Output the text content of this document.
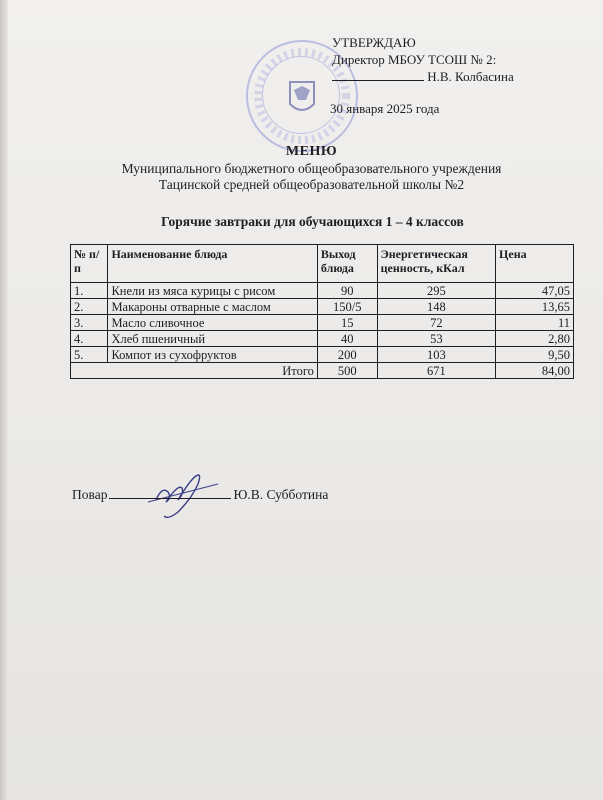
УТВЕРЖДАЮ
Директор МБОУ ТСОШ № 2:
Н.В. Колбасина
30 января 2025 года
МЕНЮ
Муниципального бюджетного общеобразовательного учреждения
Тацинской средней общеобразовательной школы №2
Горячие завтраки для обучающихся 1 – 4 классов
№ п/п	Наименование блюда	Выход блюда	Энергетическая ценность, кКал	Цена
1.	Кнели из мяса курицы с рисом	90	295	47,05
2.	Макароны отварные с маслом	150/5	148	13,65
3.	Масло сливочное	15	72	11
4.	Хлеб пшеничный	40	53	2,80
5.	Компот из сухофруктов	200	103	9,50
Итого		500	671	84,00
Повар	Ю.В. Субботина
